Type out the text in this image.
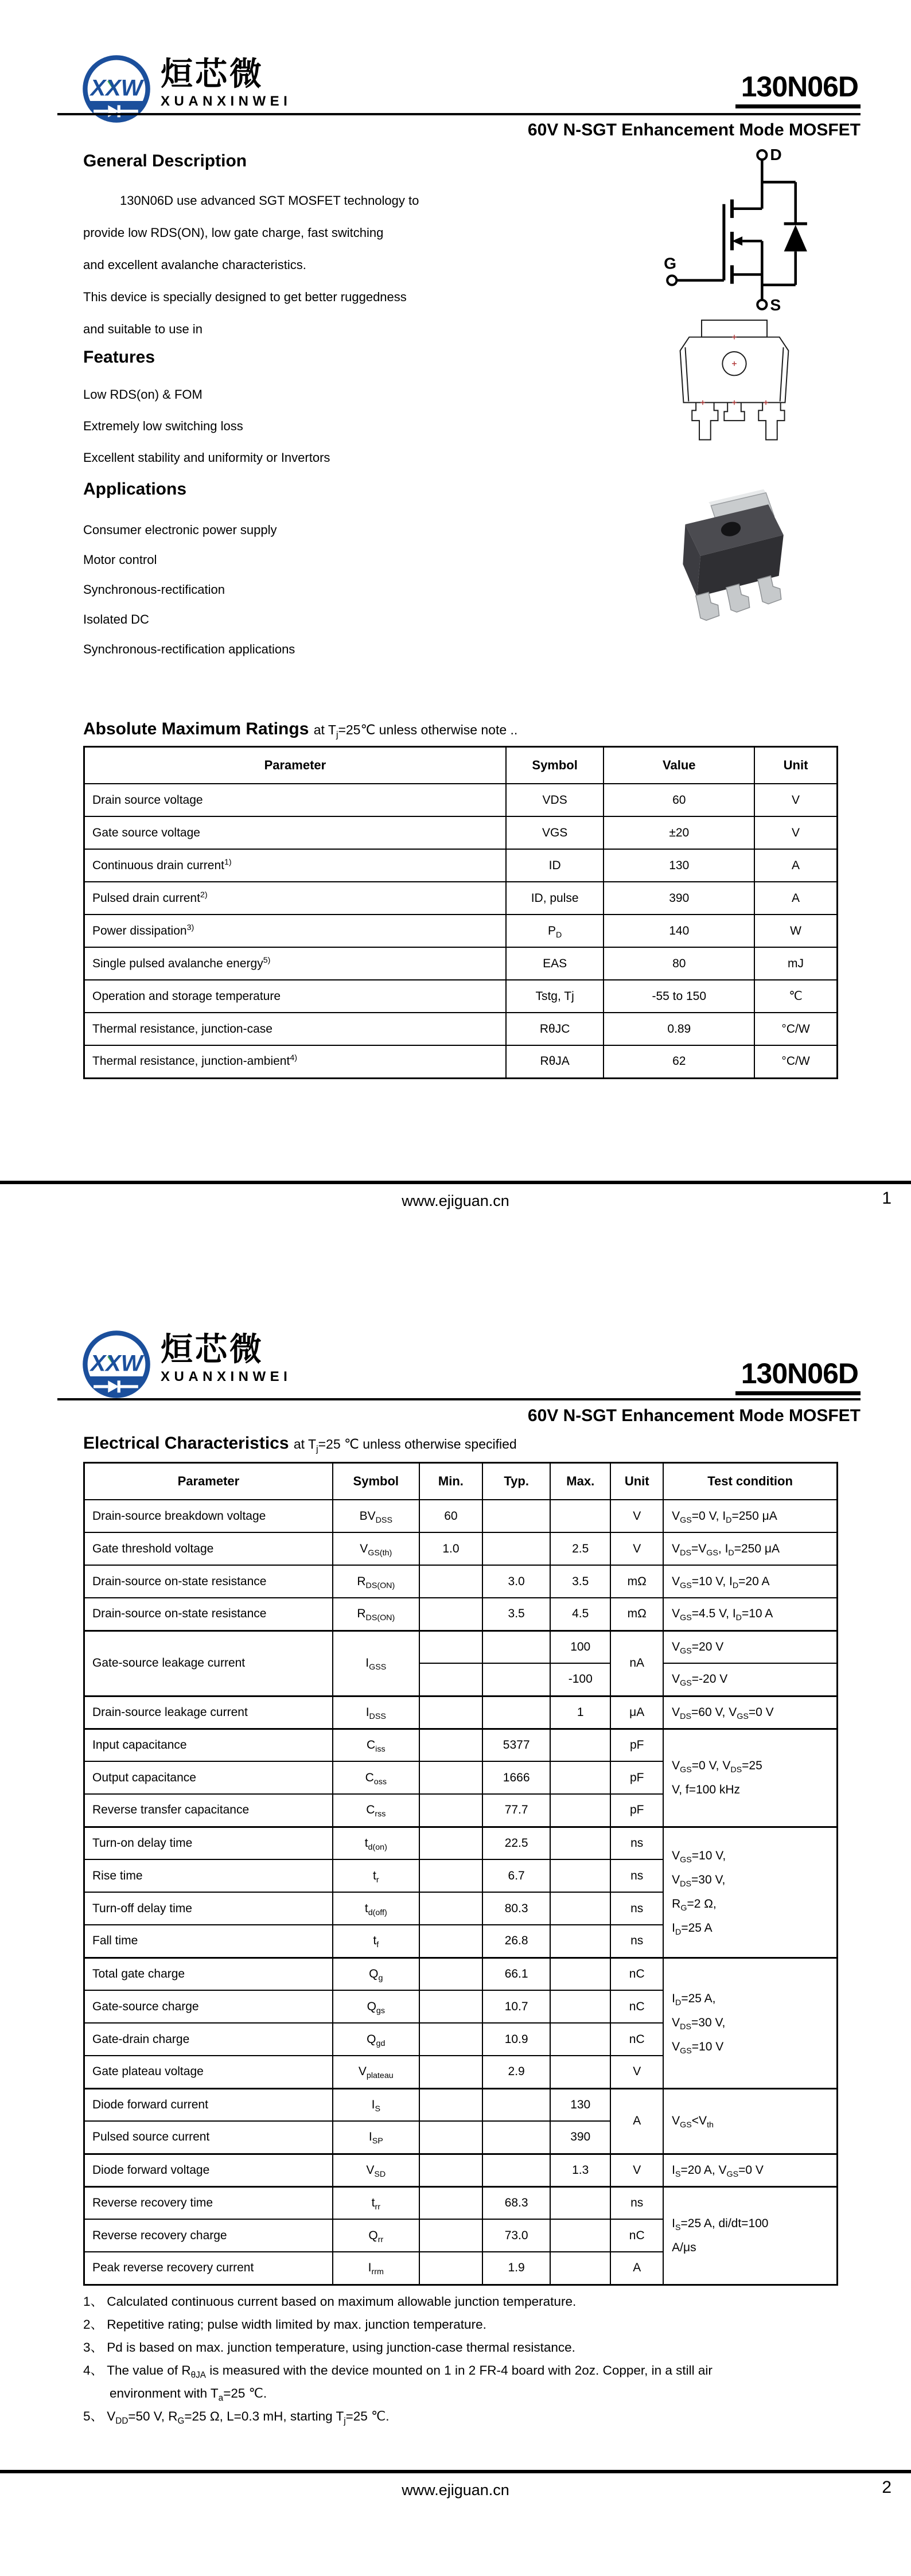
XXW 烜芯微
XUANXINWEI	130N06D
60V N-SGT Enhancement Mode MOSFET
General Description
130N06D use advanced SGT MOSFET technology to
provide low RDS(ON), low gate charge, fast switching
and excellent avalanche characteristics.
This device is specially designed to get better ruggedness
and suitable to use in
Features
Low RDS(on) & FOM
Extremely low switching loss
Excellent stability and uniformity or Invertors
Applications
Consumer electronic power supply
Motor control
Synchronous-rectification
Isolated DC
Synchronous-rectification applications
D
G
S
Absolute Maximum Ratings at $T_j=25℃$ unless otherwise note ..
Parameter	Symbol	Value	Unit
Drain source voltage	VDS	60	V
Gate source voltage	VGS	±20	V
Continuous drain current$^{1)}$	ID	130	A
Pulsed drain current$^{2)}$	ID, pulse	390	A
Power dissipation$^{3)}$	$P_D$	140	W
Single pulsed avalanche energy$^{5)}$	EAS	80	mJ
Operation and storage temperature	Tstg, Tj	-55 to 150	℃
Thermal resistance, junction-case	RθJC	0.89	°C/W
Thermal resistance, junction-ambient$^{4)}$	RθJA	62	°C/W
www.ejiguan.cn	1
XXW 烜芯微
XUANXINWEI	130N06D
60V N-SGT Enhancement Mode MOSFET
Electrical Characteristics at $T_j=25$ ℃ unless otherwise specified
Parameter	Symbol	Min.	Typ.	Max.	Unit	Test condition
Drain-source breakdown voltage	$BV_{DSS}$	60			V	$V_{GS}=0$ V, $I_D=250$ μA
Gate threshold voltage	$V_{GS(th)}$	1.0		2.5	V	$V_{DS}=V_{GS}$, $I_D=250$ μA
Drain-source on-state resistance	$R_{DS(ON)}$		3.0	3.5	mΩ	$V_{GS}=10$ V, $I_D=20$ A
Drain-source on-state resistance	$R_{DS(ON)}$		3.5	4.5	mΩ	$V_{GS}=4.5$ V, $I_D=10$ A
Gate-source leakage current	$I_{GSS}$			100	nA	$V_{GS}=20$ V
				-100		$V_{GS}=-20$ V
Drain-source leakage current	$I_{DSS}$			1	μA	$V_{DS}=60$ V, $V_{GS}=0$ V
Input capacitance	$C_{iss}$		5377		pF	$V_{GS}=0$ V, $V_{DS}=25$
V, f=100 kHz
Output capacitance	$C_{oss}$		1666		pF	
Reverse transfer capacitance	$C_{rss}$		77.7		pF	
Turn-on delay time	$t_{d(on)}$		22.5		ns	$V_{GS}=10$ V,
$V_{DS}=30$ V,
$R_G=2$ Ω,
$I_D=25$ A
Rise time	$t_r$		6.7		ns	
Turn-off delay time	$t_{d(off)}$		80.3		ns	
Fall time	$t_f$		26.8		ns	
Total gate charge	$Q_g$		66.1		nC	$I_D=25$ A,
$V_{DS}=30$ V,
$V_{GS}=10$ V
Gate-source charge	$Q_{gs}$		10.7		nC	
Gate-drain charge	$Q_{gd}$		10.9		nC	
Gate plateau voltage	$V_{plateau}$		2.9		V	
Diode forward current	$I_S$			130	A	$V_{GS}<V_{th}$
Pulsed source current	$I_{SP}$			390		
Diode forward voltage	$V_{SD}$			1.3	V	$I_S=20$ A, $V_{GS}=0$ V
Reverse recovery time	$t_{rr}$		68.3		ns	$I_S=25$ A, di/dt=100
A/μs
Reverse recovery charge	$Q_{rr}$		73.0		nC	
Peak reverse recovery current	$I_{rrm}$		1.9		A	
1、 Calculated continuous current based on maximum allowable junction temperature.
2、 Repetitive rating; pulse width limited by max. junction temperature.
3、 Pd is based on max. junction temperature, using junction-case thermal resistance.
4、 The value of $R_{\theta JA}$ is measured with the device mounted on 1 in 2 FR-4 board with 2oz. Copper, in a still air
environment with $T_a=25$ ℃.
5、 $V_{DD}=50$ V, $R_G=25$ Ω, L=0.3 mH, starting $T_j=25$ ℃.
www.ejiguan.cn	2
